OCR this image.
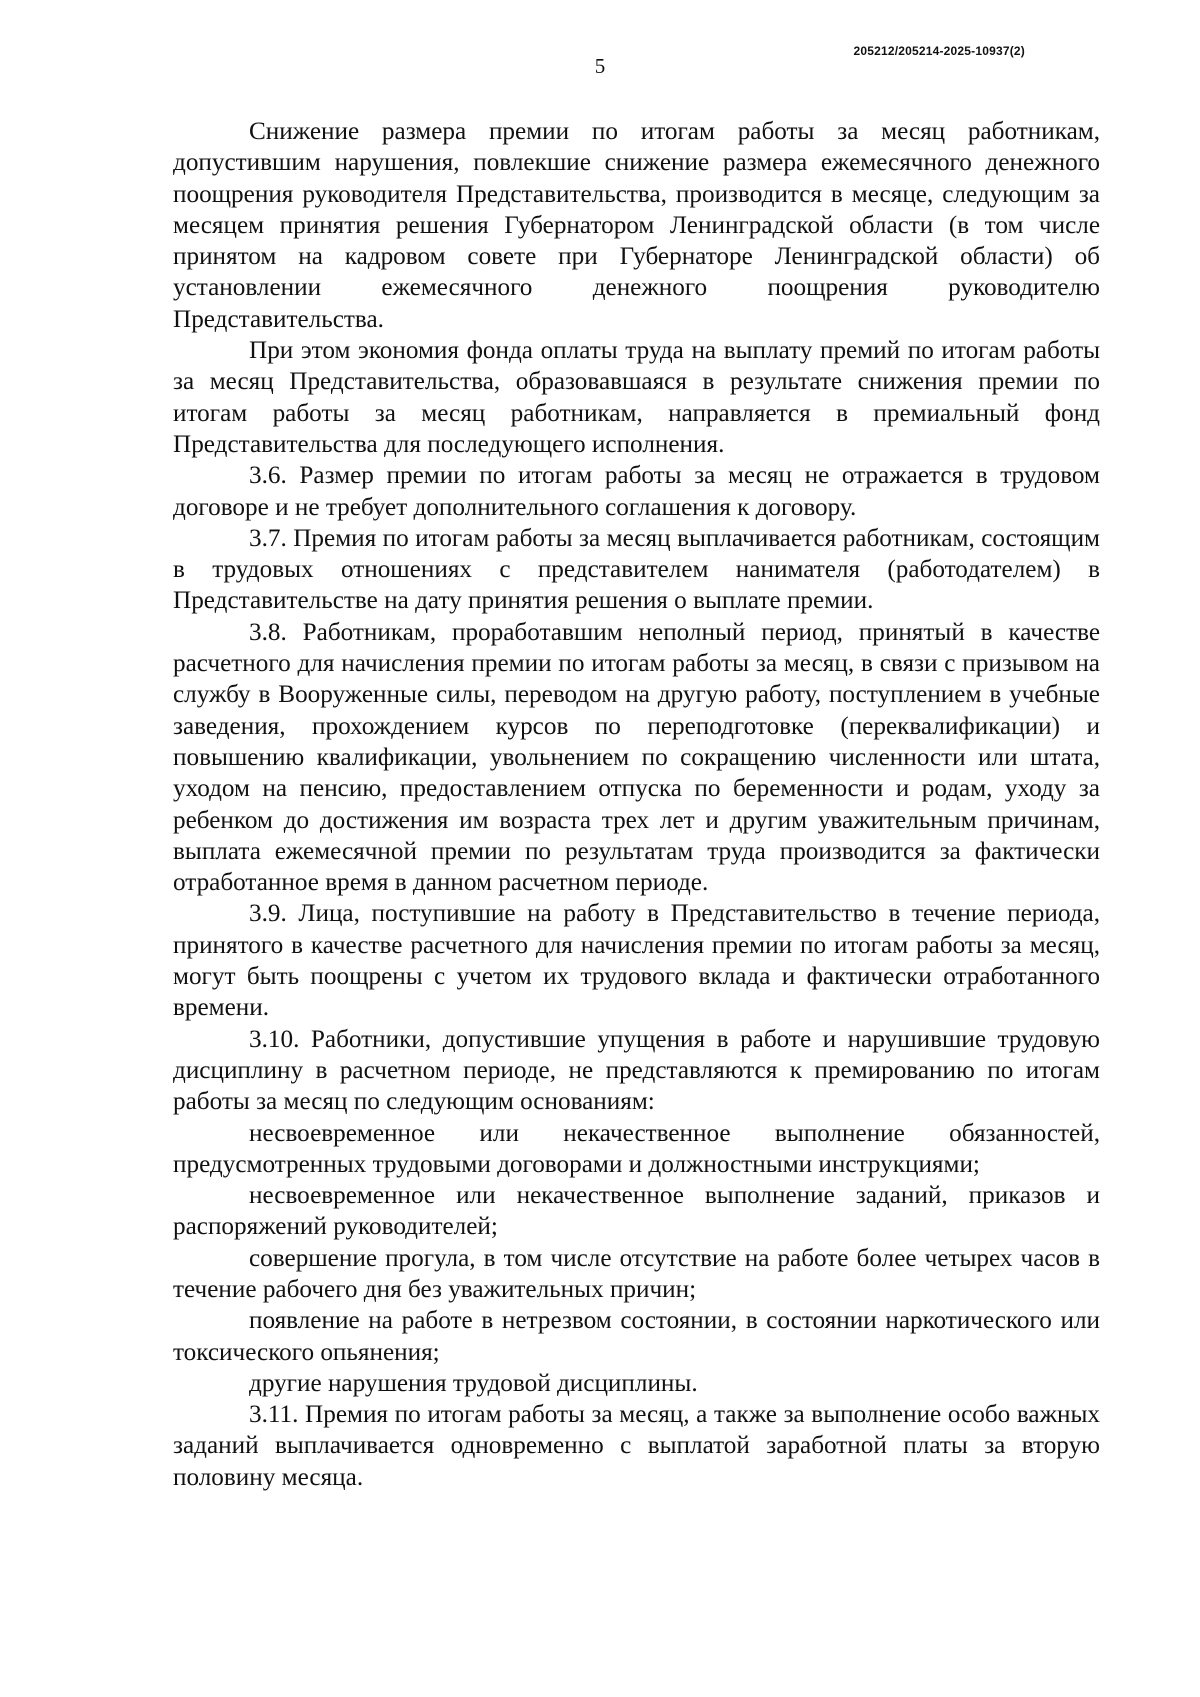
205212/205214-2025-10937(2)
5

Снижение размера премии по итогам работы за месяц работникам, допустившим нарушения, повлекшие снижение размера ежемесячного денежного поощрения руководителя Представительства, производится в месяце, следующим за месяцем принятия решения Губернатором Ленинградской области (в том числе принятом на кадровом совете при Губернаторе Ленинградской области) об установлении ежемесячного денежного поощрения руководителю Представительства.

При этом экономия фонда оплаты труда на выплату премий по итогам работы за месяц Представительства, образовавшаяся в результате снижения премии по итогам работы за месяц работникам, направляется в премиальный фонд Представительства для последующего исполнения.

3.6. Размер премии по итогам работы за месяц не отражается в трудовом договоре и не требует дополнительного соглашения к договору.

3.7. Премия по итогам работы за месяц выплачивается работникам, состоящим в трудовых отношениях с представителем нанимателя (работодателем) в Представительстве на дату принятия решения о выплате премии.

3.8. Работникам, проработавшим неполный период, принятый в качестве расчетного для начисления премии по итогам работы за месяц, в связи с призывом на службу в Вооруженные силы, переводом на другую работу, поступлением в учебные заведения, прохождением курсов по переподготовке (переквалификации) и повышению квалификации, увольнением по сокращению численности или штата, уходом на пенсию, предоставлением отпуска по беременности и родам, уходу за ребенком до достижения им возраста трех лет и другим уважительным причинам, выплата ежемесячной премии по результатам труда производится за фактически отработанное время в данном расчетном периоде.

3.9. Лица, поступившие на работу в Представительство в течение периода, принятого в качестве расчетного для начисления премии по итогам работы за месяц, могут быть поощрены с учетом их трудового вклада и фактически отработанного времени.

3.10. Работники, допустившие упущения в работе и нарушившие трудовую дисциплину в расчетном периоде, не представляются к премированию по итогам работы за месяц по следующим основаниям:

несвоевременное или некачественное выполнение обязанностей, предусмотренных трудовыми договорами и должностными инструкциями;

несвоевременное или некачественное выполнение заданий, приказов и распоряжений руководителей;

совершение прогула, в том числе отсутствие на работе более четырех часов в течение рабочего дня без уважительных причин;

появление на работе в нетрезвом состоянии, в состоянии наркотического или токсического опьянения;

другие нарушения трудовой дисциплины.

3.11. Премия по итогам работы за месяц, а также за выполнение особо важных заданий выплачивается одновременно с выплатой заработной платы за вторую половину месяца.
